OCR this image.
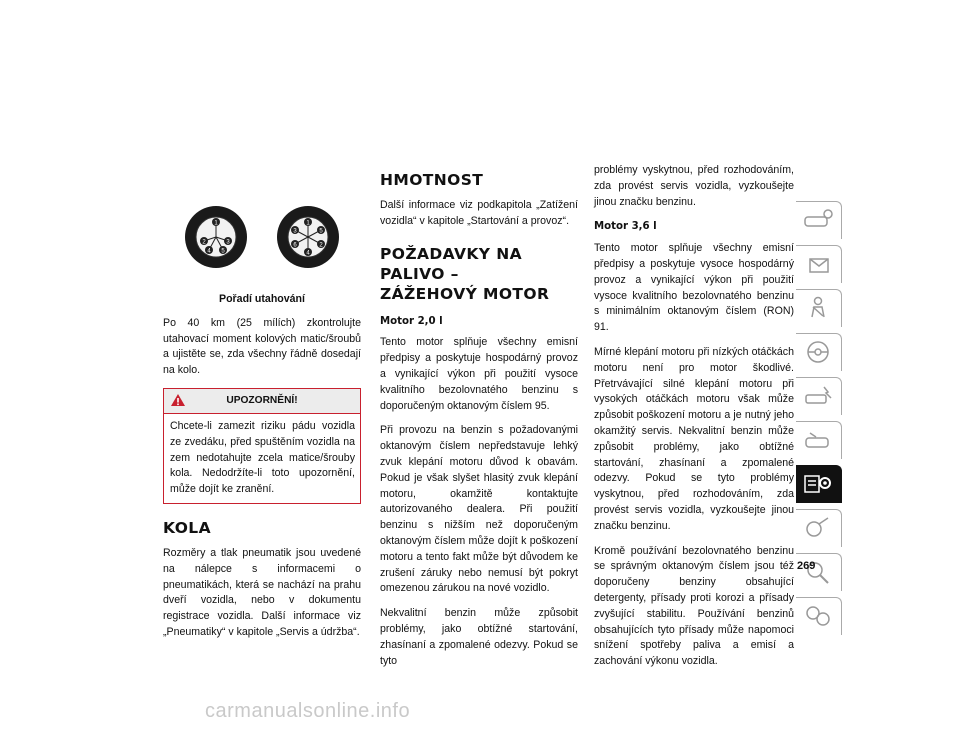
1
2	3
4 5
1
2
3
4
5
6
Pořadí utahování

Po 40 km (25 mílích) zkontrolujte utahovací moment kolových matic/šroubů a ujistěte se, zda všechny řádně dosedají na kolo.

UPOZORNĚNÍ!

Chcete-li zamezit riziku pádu vozidla ze zvedáku, před spuštěním vozidla na zem nedotahujte zcela matice/šrouby kola. Nedodržíte-li toto upozornění, může dojít ke zranění.

KOLA

Rozměry a tlak pneumatik jsou uvedené na nálepce s informacemi o pneumatikách, která se nachází na prahu dveří vozidla, nebo v dokumentu registrace vozidla. Další informace viz „Pneumatiky“ v kapitole „Servis a údržba“.

HMOTNOST

Další informace viz podkapitola „Zatížení vozidla“ v kapitole „Startování a provoz“.

POŽADAVKY NA PALIVO –
ZÁŽEHOVÝ MOTOR
Motor 2,0 l

Tento motor splňuje všechny emisní předpisy a poskytuje hospodárný provoz a vynikající výkon při použití vysoce kvalitního bezolovnatého benzinu s doporučeným oktanovým číslem 95.

Při provozu na benzin s požadovanými oktanovým číslem nepředstavuje lehký zvuk klepání motoru důvod k obavám. Pokud je však slyšet hlasitý zvuk klepání motoru, okamžitě kontaktujte autorizovaného dealera. Při použití benzinu s nižším než doporučeným oktanovým číslem může dojít k poškození motoru a tento fakt může být důvodem ke zrušení záruky nebo nemusí být pokryt omezenou zárukou na nové vozidlo.

Nekvalitní benzin může způsobit problémy, jako obtížné startování, zhasínaní a zpomalené odezvy. Pokud se tyto

problémy vyskytnou, před rozhodováním, zda provést servis vozidla, vyzkoušejte jinou značku benzinu.

Motor 3,6 l

Tento motor splňuje všechny emisní předpisy a poskytuje vysoce hospodárný provoz a vynikající výkon při použití vysoce kvalitního bezolovnatého benzinu s minimálním oktanovým číslem (RON) 91.

Mírné klepání motoru při nízkých otáčkách motoru není pro motor škodlivé. Přetrvávající silné klepání motoru při vysokých otáčkách motoru však může způsobit poškození motoru a je nutný jeho okamžitý servis. Nekvalitní benzin může způsobit problémy, jako obtížné startování, zhasínaní a zpomalené odezvy. Pokud se tyto problémy vyskytnou, před rozhodováním, zda provést servis vozidla, vyzkoušejte jinou značku benzinu.

Kromě používání bezolovnatého benzinu se správným oktanovým číslem jsou též doporučeny benziny obsahující detergenty, přísady proti korozi a přísady zvyšující stabilitu. Používání benzinů obsahujících tyto přísady může napomoci snížení spotřeby paliva a emisí a zachování výkonu vozidla.

269
carmanualsonline.info
